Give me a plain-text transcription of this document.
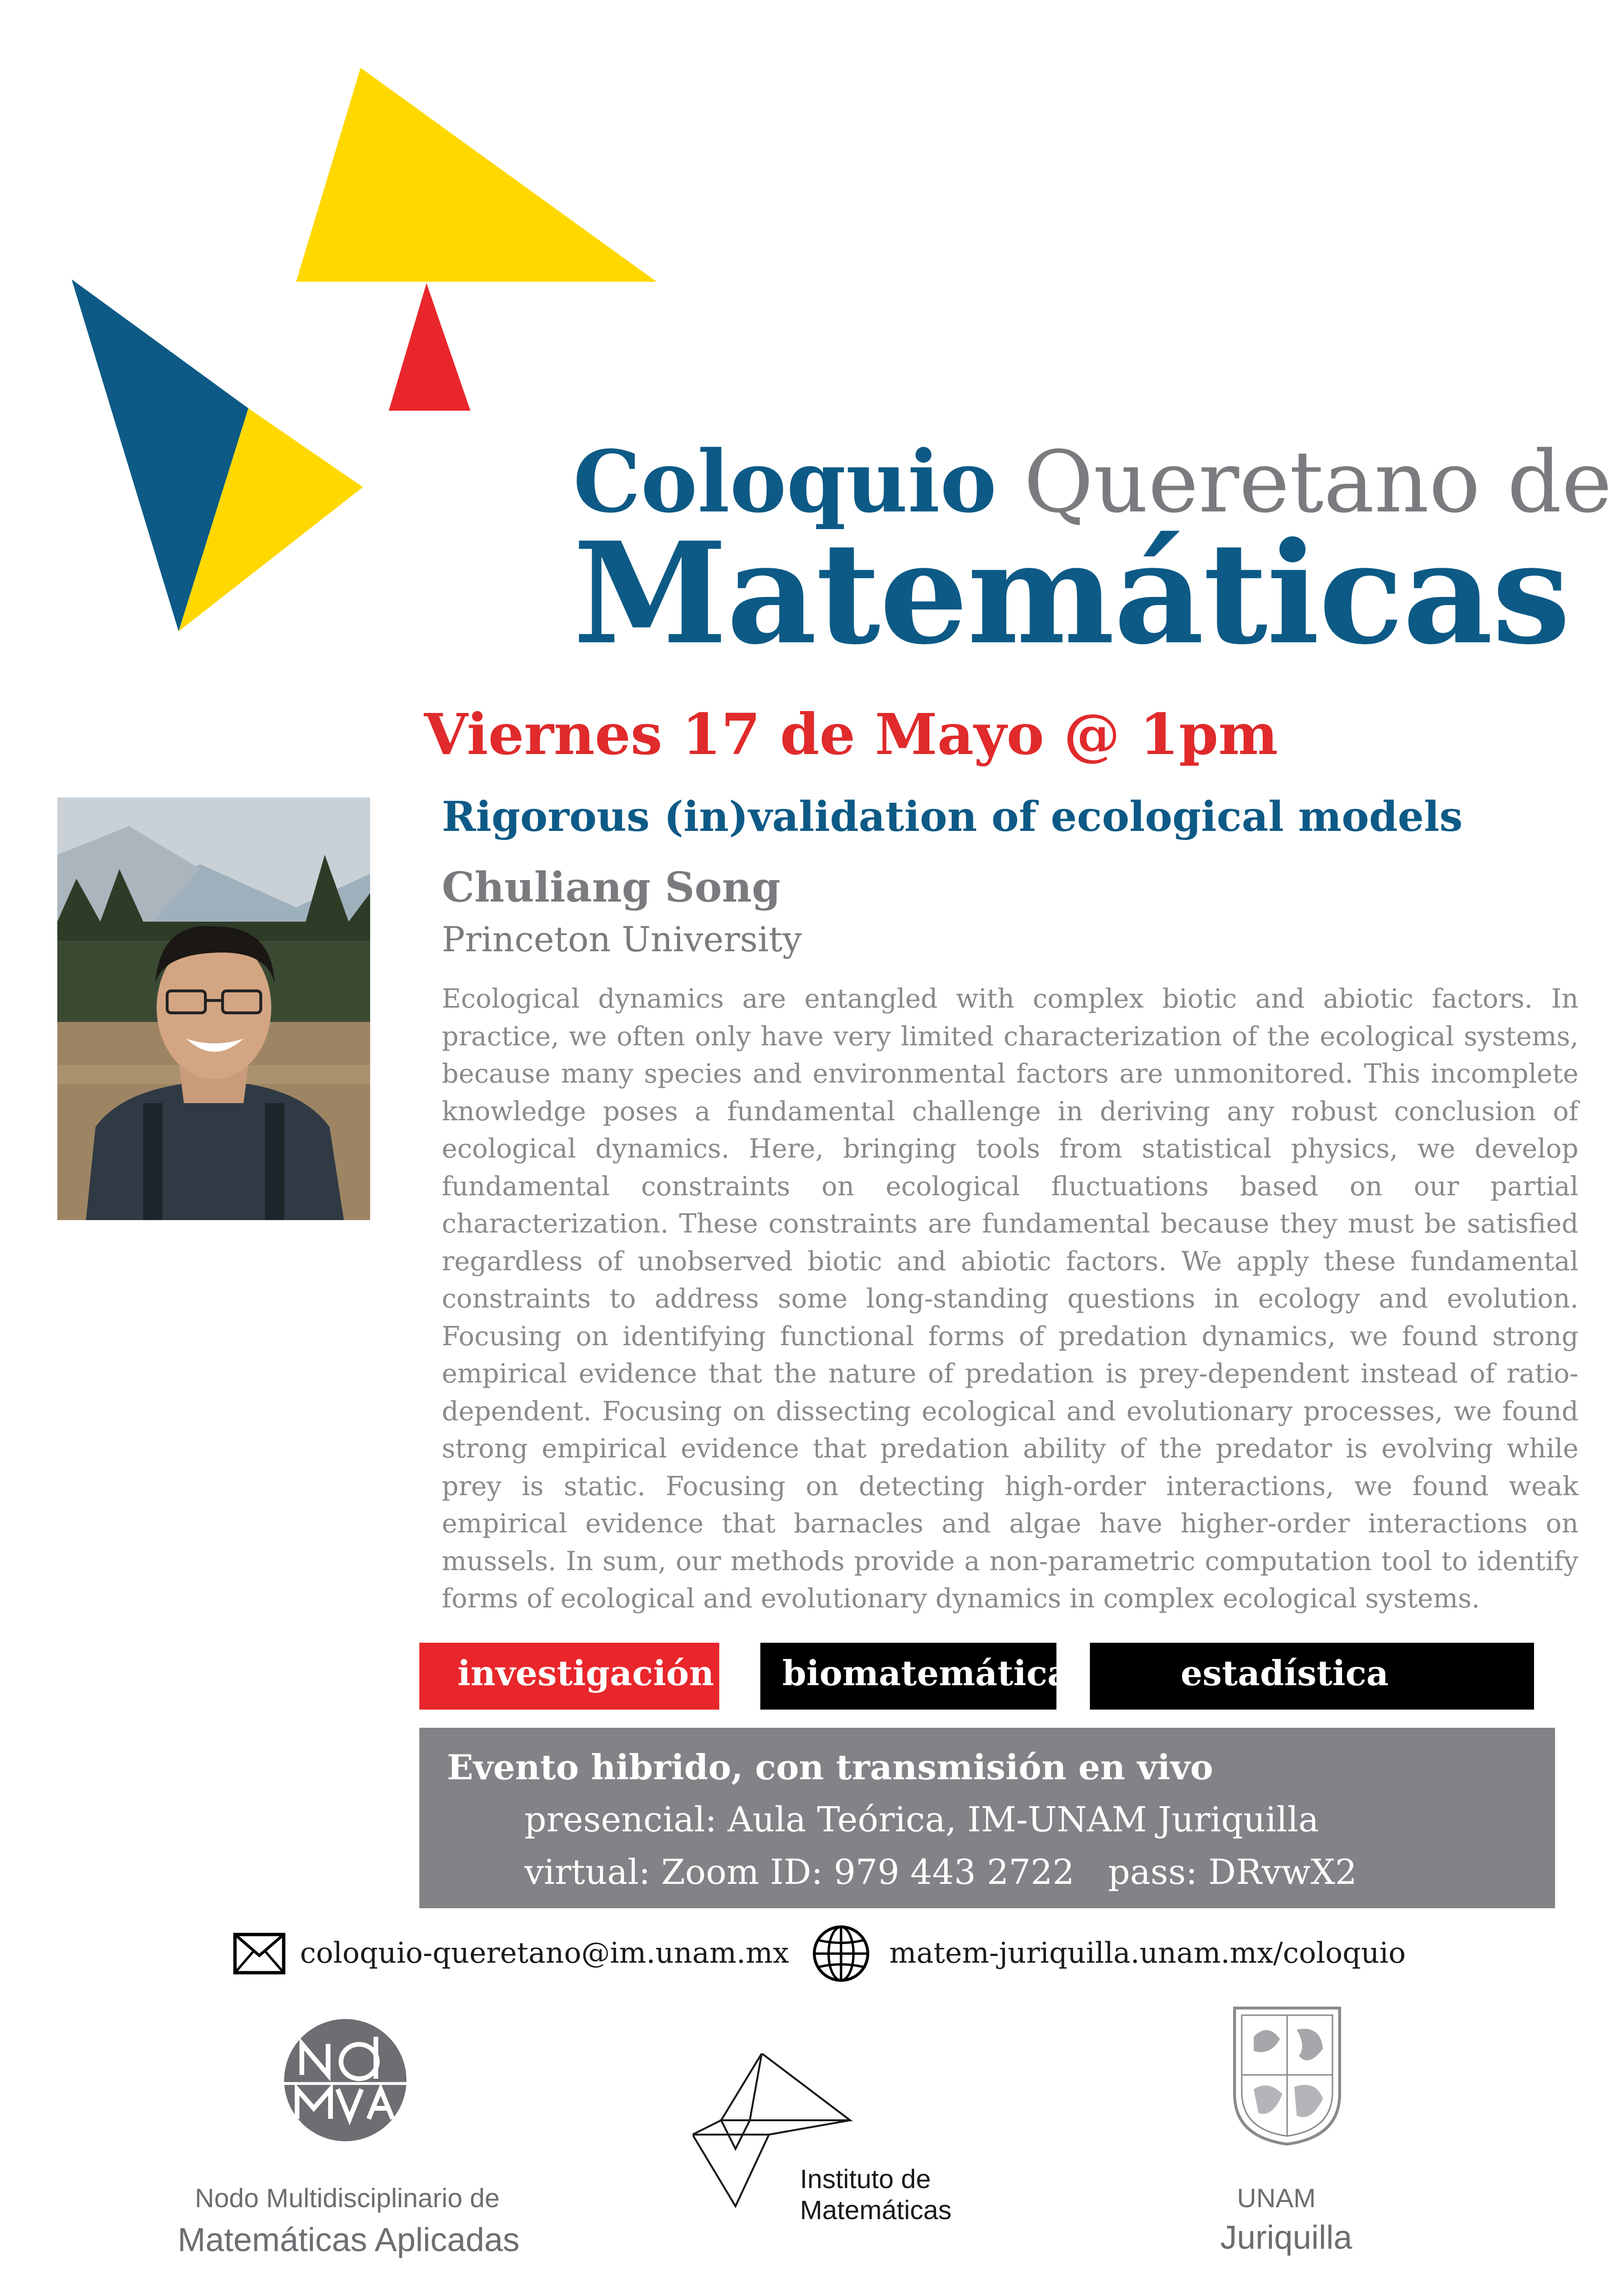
Coloquio Queretano de
Matemáticas
Viernes 17 de Mayo @ 1pm
Rigorous (in)validation of ecological models
Chuliang Song
Princeton University
Ecological dynamics are entangled with complex biotic and abiotic factors. In practice, we often only have very limited characterization of the ecological systems, because many species and environmental factors are unmonitored. This incomplete knowledge poses a fundamental challenge in deriving any robust conclusion of ecological dynamics. Here, bringing tools from statistical physics, we develop fundamental constraints on ecological fluctuations based on our partial characterization. These constraints are fundamental because they must be satisfied regardless of unobserved biotic and abiotic factors. We apply these fundamental constraints to address some long-standing questions in ecology and evolution. Focusing on identifying functional forms of predation dynamics, we found strong empirical evidence that the nature of predation is prey-dependent instead of ratio-dependent. Focusing on dissecting ecological and evolutionary processes, we found strong empirical evidence that predation ability of the predator is evolving while prey is static. Focusing on detecting high-order interactions, we found weak empirical evidence that barnacles and algae have higher-order interactions on mussels. In sum, our methods provide a non-parametric computation tool to identify forms of ecological and evolutionary dynamics in complex ecological systems.
investigación	biomatemática	estadística
Evento hibrido, con transmisión en vivo
presencial: Aula Teórica, IM-UNAM Juriquilla
virtual: Zoom ID: 979 443 2722 pass: DRvwX2
coloquio-queretano@im.unam.mx	matem-juriquilla.unam.mx/coloquio
Nodo Multidisciplinario de
Matemáticas Aplicadas
Instituto de
Matemáticas	UNAM
Juriquilla
